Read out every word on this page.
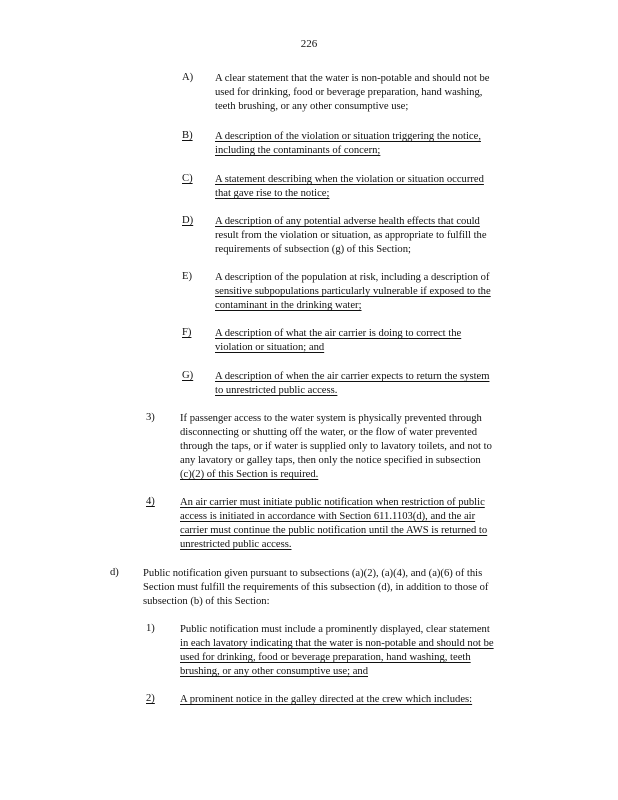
226
A) A clear statement that the water is non-potable and should not be
used for drinking, food or beverage preparation, hand washing,
teeth brushing, or any other consumptive use;
B) A description of the violation or situation triggering the notice,
including the contaminants of concern;
C) A statement describing when the violation or situation occurred
that gave rise to the notice;
D) A description of any potential adverse health effects that could
result from the violation or situation, as appropriate to fulfill the
requirements of subsection (g) of this Section;
E) A description of the population at risk, including a description of
sensitive subpopulations particularly vulnerable if exposed to the
contaminant in the drinking water;
F) A description of what the air carrier is doing to correct the
violation or situation; and
G) A description of when the air carrier expects to return the system
to unrestricted public access.
3) If passenger access to the water system is physically prevented through
disconnecting or shutting off the water, or the flow of water prevented
through the taps, or if water is supplied only to lavatory toilets, and not to
any lavatory or galley taps, then only the notice specified in subsection
(c)(2) of this Section is required.
4) An air carrier must initiate public notification when restriction of public
access is initiated in accordance with Section 611.1103(d), and the air
carrier must continue the public notification until the AWS is returned to
unrestricted public access.
d) Public notification given pursuant to subsections (a)(2), (a)(4), and (a)(6) of this
Section must fulfill the requirements of this subsection (d), in addition to those of
subsection (b) of this Section:
1) Public notification must include a prominently displayed, clear statement
in each lavatory indicating that the water is non-potable and should not be
used for drinking, food or beverage preparation, hand washing, teeth
brushing, or any other consumptive use; and
2) A prominent notice in the galley directed at the crew which includes:
